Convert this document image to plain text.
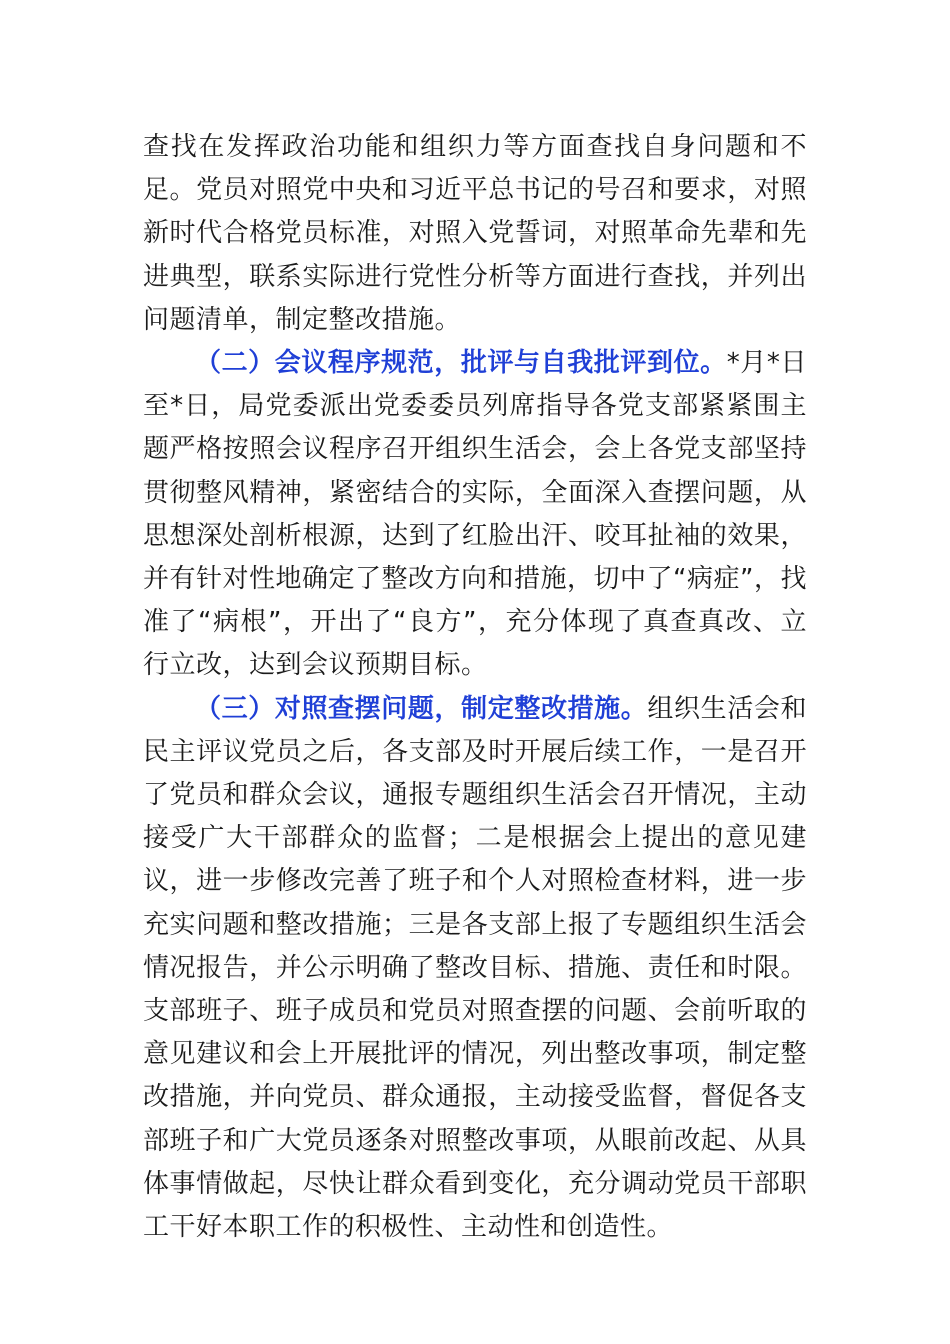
查找在发挥政治功能和组织力等方面查找自身问题和不足。党员对照党中央和习近平总书记的号召和要求，对照新时代合格党员标准，对照入党誓词，对照革命先辈和先进典型，联系实际进行党性分析等方面进行查找，并列出问题清单，制定整改措施。

（二）会议程序规范，批评与自我批评到位。*月*日至*日，局党委派出党委委员列席指导各党支部紧紧围主题严格按照会议程序召开组织生活会，会上各党支部坚持贯彻整风精神，紧密结合的实际，全面深入查摆问题，从思想深处剖析根源，达到了红脸出汗、咬耳扯袖的效果，并有针对性地确定了整改方向和措施，切中了“病症”，找准了“病根”，开出了“良方”，充分体现了真查真改、立行立改，达到会议预期目标。

（三）对照查摆问题，制定整改措施。组织生活会和民主评议党员之后，各支部及时开展后续工作，一是召开了党员和群众会议，通报专题组织生活会召开情况，主动接受广大干部群众的监督；二是根据会上提出的意见建议，进一步修改完善了班子和个人对照检查材料，进一步充实问题和整改措施；三是各支部上报了专题组织生活会情况报告，并公示明确了整改目标、措施、责任和时限。支部班子、班子成员和党员对照查摆的问题、会前听取的意见建议和会上开展批评的情况，列出整改事项，制定整改措施，并向党员、群众通报，主动接受监督，督促各支部班子和广大党员逐条对照整改事项，从眼前改起、从具体事情做起，尽快让群众看到变化，充分调动党员干部职工干好本职工作的积极性、主动性和创造性。
